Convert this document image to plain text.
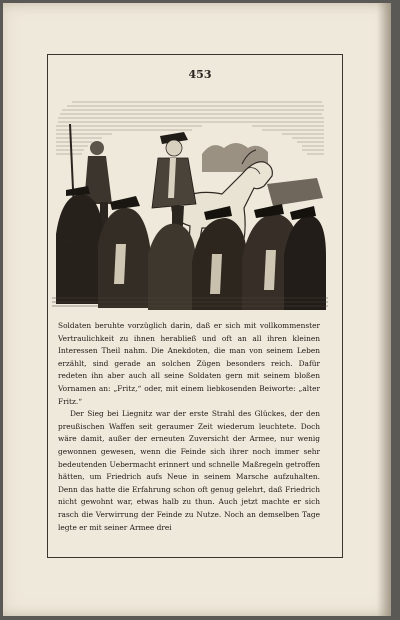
453
AM

Soldaten beruhte vorzüglich darin, daß er sich mit vollkommenster Vertraulichkeit zu ihnen herabließ und oft an all ihren kleinen Interessen Theil nahm. Die Anekdoten, die man von seinem Leben erzählt, sind gerade an solchen Zügen besonders reich. Dafür redeten ihn aber auch all seine Soldaten gern mit seinem bloßen Vornamen an: „Fritz,“ oder, mit einem liebkosenden Beiworte: „alter Fritz.“

Der Sieg bei Liegnitz war der erste Strahl des Glückes, der den preußischen Waffen seit geraumer Zeit wiederum leuchtete. Doch wäre damit, außer der erneuten Zuversicht der Armee, nur wenig gewonnen gewesen, wenn die Feinde sich ihrer noch immer sehr bedeutenden Uebermacht erinnert und schnelle Maßregeln getroffen hätten, um Friedrich aufs Neue in seinem Marsche aufzuhalten. Denn das hatte die Erfahrung schon oft genug gelehrt, daß Friedrich nicht gewohnt war, etwas halb zu thun. Auch jetzt machte er sich rasch die Verwirrung der Feinde zu Nutze. Noch an demselben Tage legte er mit seiner Armee drei
